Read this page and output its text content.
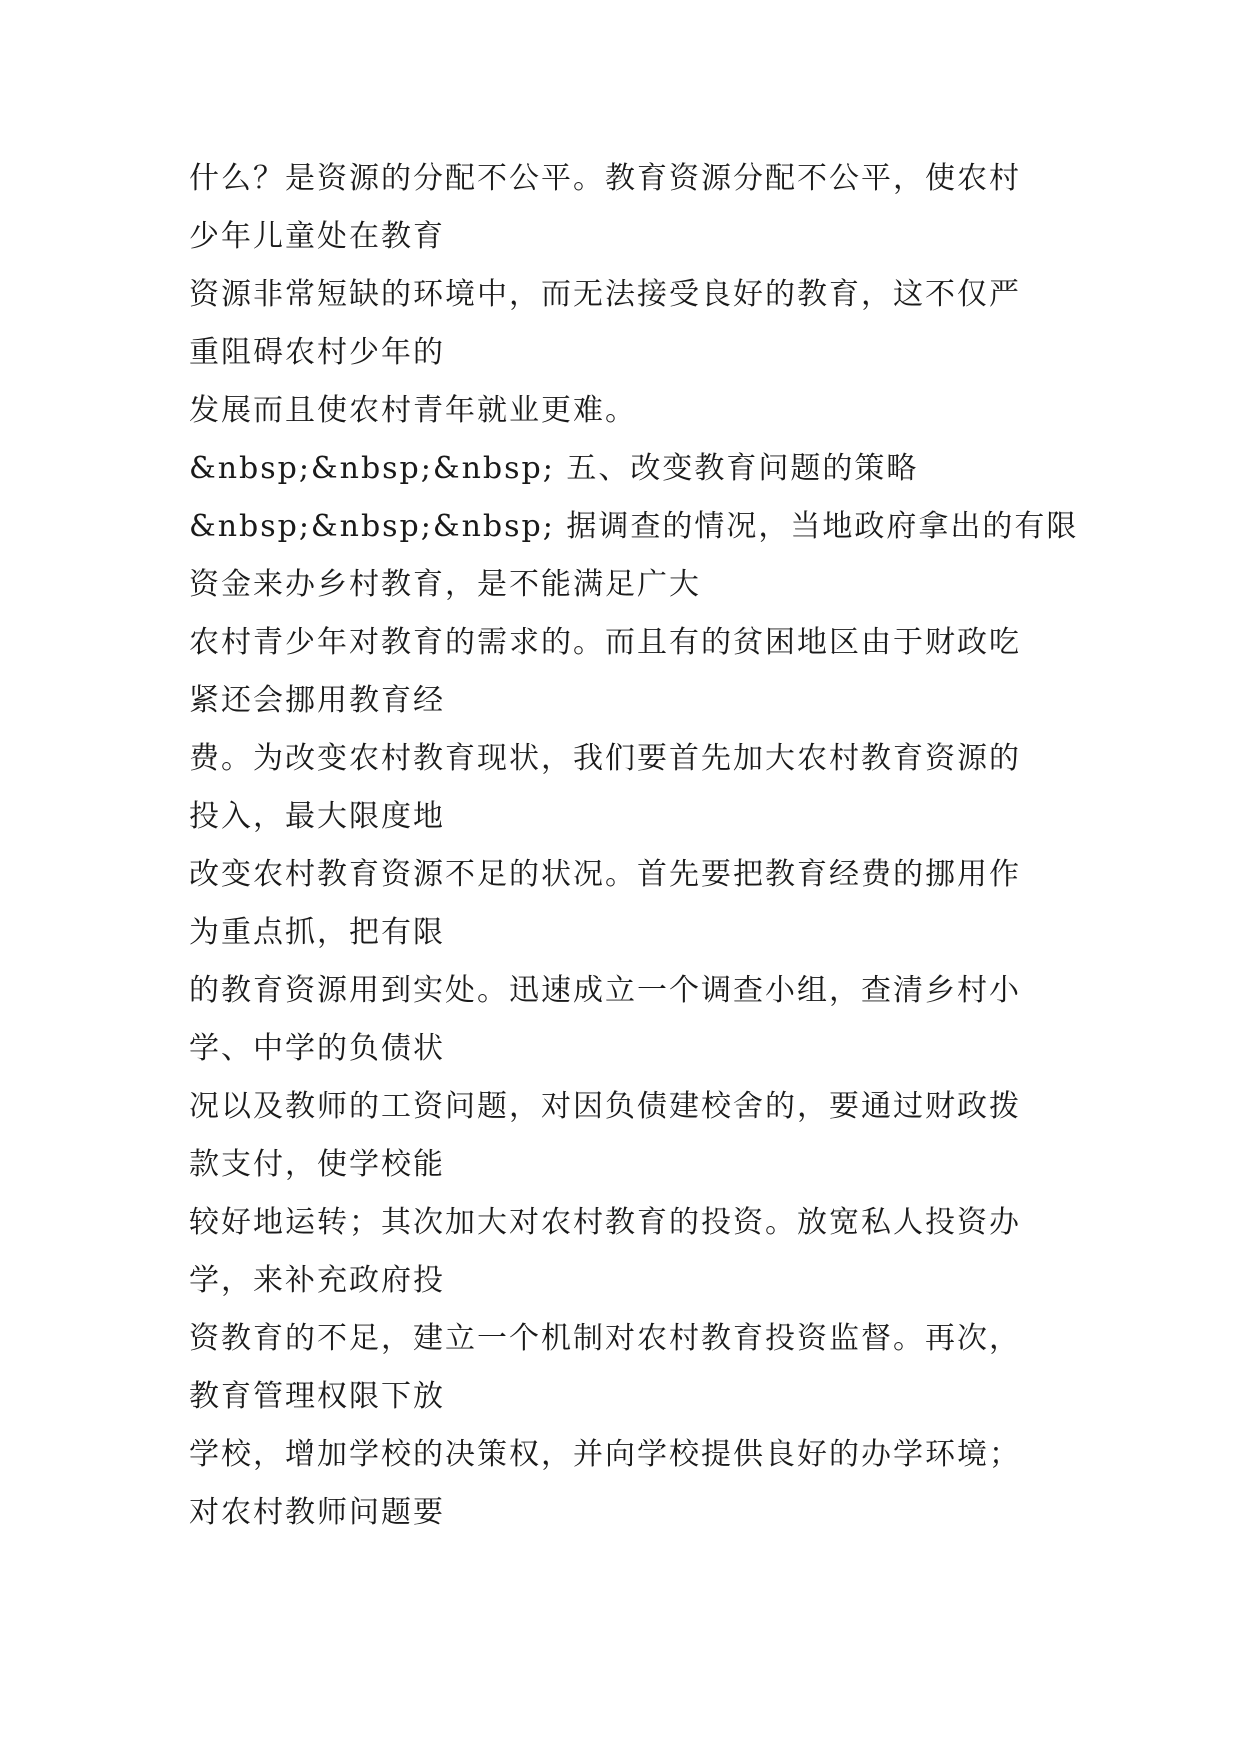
什么？是资源的分配不公平。教育资源分配不公平，使农村
少年儿童处在教育
资源非常短缺的环境中，而无法接受良好的教育，这不仅严
重阻碍农村少年的
发展而且使农村青年就业更难。
&nbsp;&nbsp;&nbsp; 五、改变教育问题的策略
&nbsp;&nbsp;&nbsp; 据调查的情况，当地政府拿出的有限
资金来办乡村教育，是不能满足广大
农村青少年对教育的需求的。而且有的贫困地区由于财政吃
紧还会挪用教育经
费。为改变农村教育现状，我们要首先加大农村教育资源的
投入，最大限度地
改变农村教育资源不足的状况。首先要把教育经费的挪用作
为重点抓，把有限
的教育资源用到实处。迅速成立一个调查小组，查清乡村小
学、中学的负债状
况以及教师的工资问题，对因负债建校舍的，要通过财政拨
款支付，使学校能
较好地运转；其次加大对农村教育的投资。放宽私人投资办
学，来补充政府投
资教育的不足，建立一个机制对农村教育投资监督。再次，
教育管理权限下放
学校，增加学校的决策权，并向学校提供良好的办学环境；
对农村教师问题要
